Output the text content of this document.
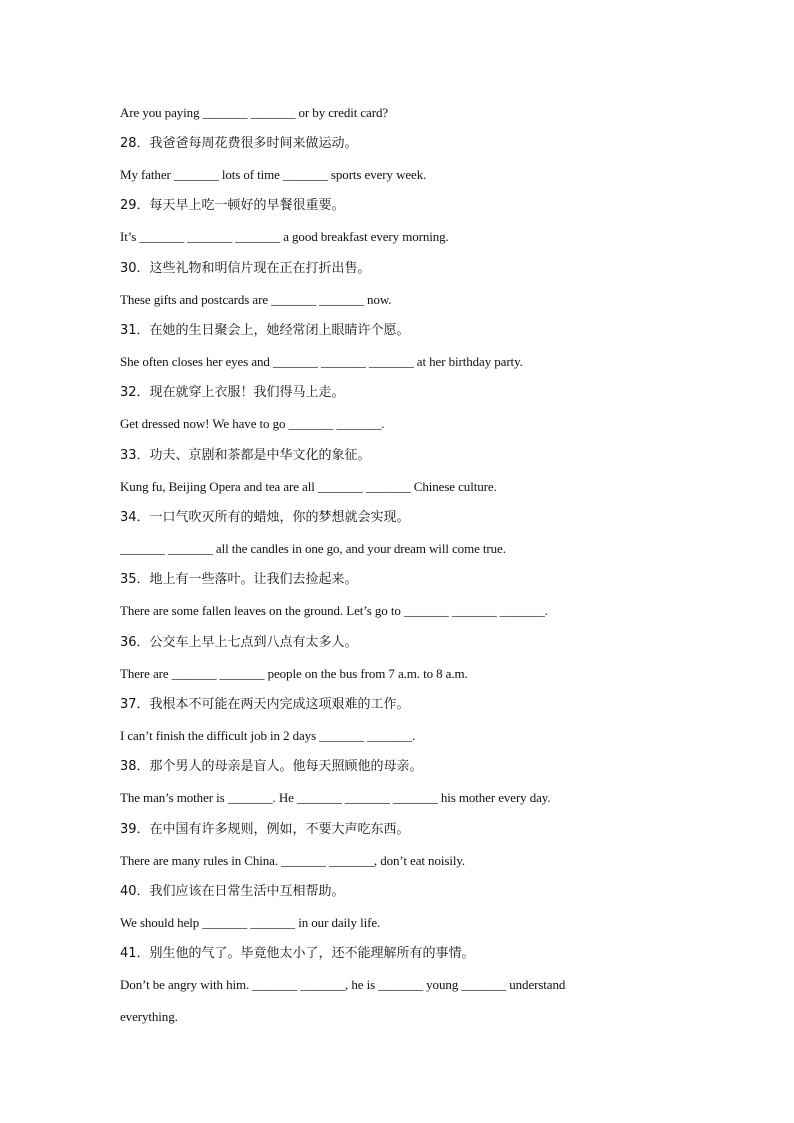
Are you paying _______ _______ or by credit card?
28．我爸爸每周花费很多时间来做运动。
My father _______ lots of time _______ sports every week.
29．每天早上吃一顿好的早餐很重要。
It’s _______ _______ _______ a good breakfast every morning.
30．这些礼物和明信片现在正在打折出售。
These gifts and postcards are _______ _______ now.
31．在她的生日聚会上，她经常闭上眼睛许个愿。
She often closes her eyes and _______ _______ _______ at her birthday party.
32．现在就穿上衣服！我们得马上走。
Get dressed now! We have to go _______ _______.
33．功夫、京剧和茶都是中华文化的象征。
Kung fu, Beijing Opera and tea are all _______ _______ Chinese culture.
34．一口气吹灭所有的蜡烛，你的梦想就会实现。
_______ _______ all the candles in one go, and your dream will come true.
35．地上有一些落叶。让我们去捡起来。
There are some fallen leaves on the ground. Let’s go to _______ _______ _______.
36．公交车上早上七点到八点有太多人。
There are _______ _______ people on the bus from 7 a.m. to 8 a.m.
37．我根本不可能在两天内完成这项艰难的工作。
I can’t finish the difficult job in 2 days _______ _______.
38．那个男人的母亲是盲人。他每天照顾他的母亲。
The man’s mother is _______. He _______ _______ _______ his mother every day.
39．在中国有许多规则，例如，不要大声吃东西。
There are many rules in China. _______ _______, don’t eat noisily.
40．我们应该在日常生活中互相帮助。
We should help _______ _______ in our daily life.
41．别生他的气了。毕竟他太小了，还不能理解所有的事情。
Don’t be angry with him. _______ _______, he is _______ young _______ understand
everything.
